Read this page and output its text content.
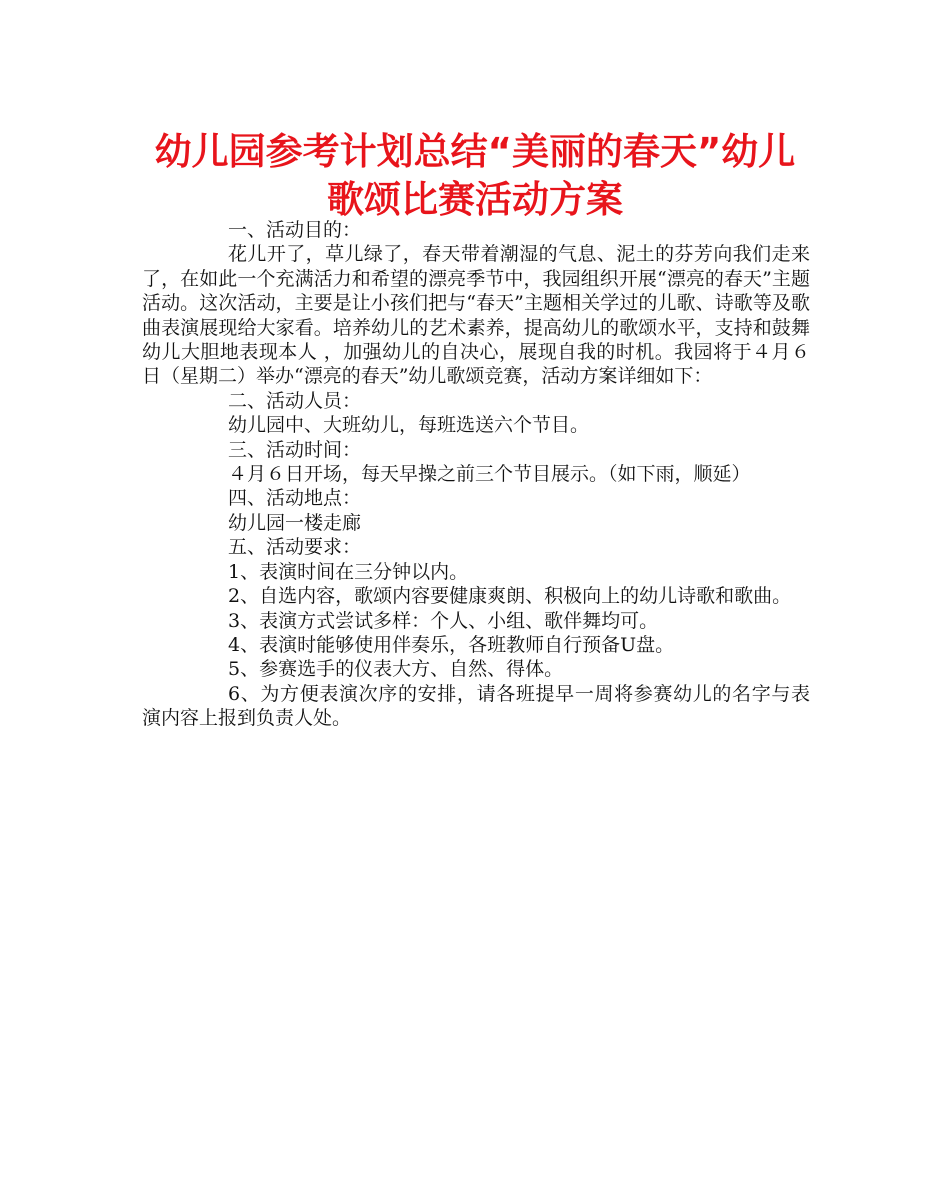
幼儿园参考计划总结“美丽的春天”幼儿
歌颂比赛活动方案

一、活动目的：

花儿开了，草儿绿了，春天带着潮湿的气息、泥土的芬芳向我们走来了，在如此一个充满活力和希望的漂亮季节中，我园组织开展“漂亮的春天”主题活动。这次活动，主要是让小孩们把与“春天”主题相关学过的儿歌、诗歌等及歌曲表演展现给大家看。培养幼儿的艺术素养，提高幼儿的歌颂水平，支持和鼓舞幼儿大胆地表现本人 ，加强幼儿的自决心，展现自我的时机。我园将于４月６日（星期二）举办“漂亮的春天”幼儿歌颂竞赛，活动方案详细如下：

二、活动人员：

幼儿园中、大班幼儿，每班选送六个节目。

三、活动时间：

４月６日开场，每天早操之前三个节目展示。（如下雨，顺延）

四、活动地点：

幼儿园一楼走廊

五、活动要求：

1、表演时间在三分钟以内。

2、自选内容，歌颂内容要健康爽朗、积极向上的幼儿诗歌和歌曲。

3、表演方式尝试多样：个人、小组、歌伴舞均可。

4、表演时能够使用伴奏乐，各班教师自行预备U盘。

5、参赛选手的仪表大方、自然、得体。

6、为方便表演次序的安排，请各班提早一周将参赛幼儿的名字与表演内容上报到负责人处。
